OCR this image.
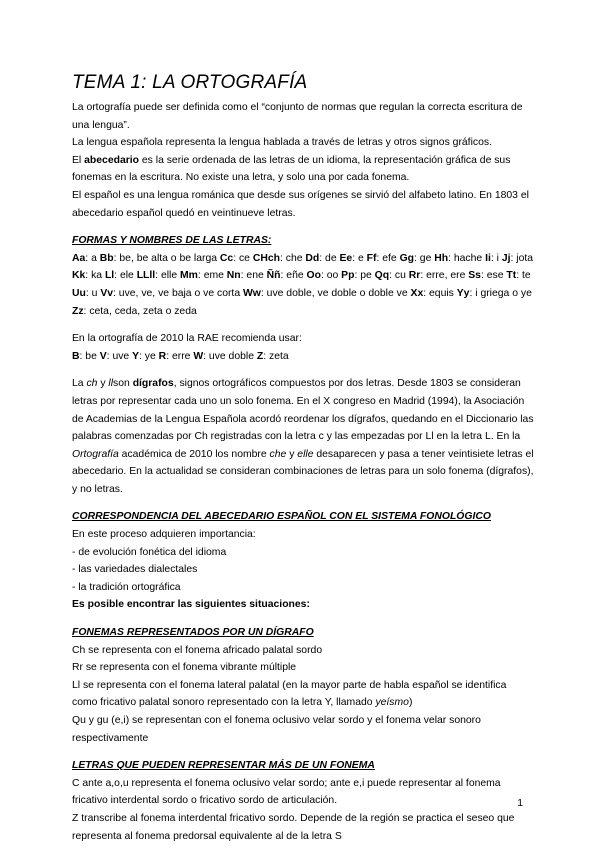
TEMA 1: LA ORTOGRAFÍA

La ortografía puede ser definida como el “conjunto de normas que regulan la correcta escritura de una lengua”.

La lengua española representa la lengua hablada a través de letras y otros signos gráficos.

El abecedario es la serie ordenada de las letras de un idioma, la representación gráfica de sus fonemas en la escritura. No existe una letra, y solo una por cada fonema.

El español es una lengua románica que desde sus orígenes se sirvió del alfabeto latino. En 1803 el abecedario español quedó en veintinueve letras.

FORMAS Y NOMBRES DE LAS LETRAS:

Aa: a Bb: be, be alta o be larga Cc: ce CHch: che Dd: de Ee: e Ff: efe Gg: ge Hh: hache Ii: i Jj: jota Kk: ka Ll: ele LLll: elle Mm: eme Nn: ene Ññ: eñe Oo: oo Pp: pe Qq: cu Rr: erre, ere Ss: ese Tt: te Uu: u Vv: uve, ve, ve baja o ve corta Ww: uve doble, ve doble o doble ve Xx: equis Yy: i griega o ye Zz: ceta, ceda, zeta o zeda

En la ortografía de 2010 la RAE recomienda usar:

B: be V: uve Y: ye R: erre W: uve doble Z: zeta

La ch y llson dígrafos, signos ortográficos compuestos por dos letras. Desde 1803 se consideran letras por representar cada uno un solo fonema. En el X congreso en Madrid (1994), la Asociación de Academias de la Lengua Española acordó reordenar los dígrafos, quedando en el Diccionario las palabras comenzadas por Ch registradas con la letra c y las empezadas por Ll en la letra L. En la Ortografía académica de 2010 los nombre che y elle desaparecen y pasa a tener veintisiete letras el abecedario. En la actualidad se consideran combinaciones de letras para un solo fonema (dígrafos), y no letras.

CORRESPONDENCIA DEL ABECEDARIO ESPAÑOL CON EL SISTEMA FONOLÓGICO

En este proceso adquieren importancia:

- de evolución fonética del idioma

- las variedades dialectales

- la tradición ortográfica

Es posible encontrar las siguientes situaciones:

FONEMAS REPRESENTADOS POR UN DÍGRAFO

Ch se representa con el fonema africado palatal sordo

Rr se representa con el fonema vibrante múltiple

Ll se representa con el fonema lateral palatal (en la mayor parte de habla español se identifica como fricativo palatal sonoro representado con la letra Y, llamado yeísmo)

Qu y gu (e,i) se representan con el fonema oclusivo velar sordo y el fonema velar sonoro respectivamente

LETRAS QUE PUEDEN REPRESENTAR MÁS DE UN FONEMA

C ante a,o,u representa el fonema oclusivo velar sordo; ante e,i puede representar al fonema fricativo interdental sordo o fricativo sordo de articulación.

Z transcribe al fonema interdental fricativo sordo. Depende de la región se practica el seseo que representa al fonema predorsal equivalente al de la letra S

1
